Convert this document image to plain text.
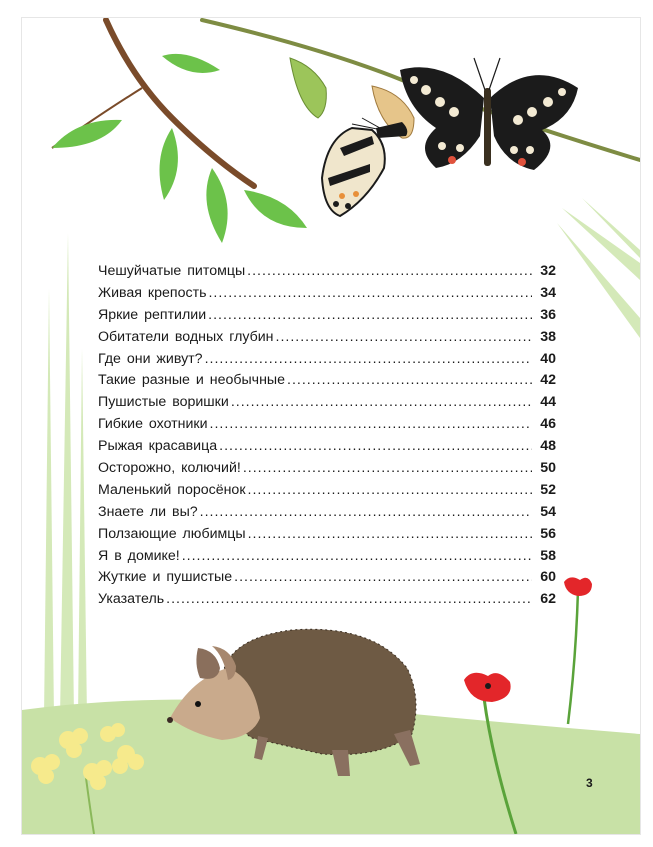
Чешуйчатые питомцы .....	32
Живая крепость .....	34
Яркие рептилии .....	36
Обитатели водных глубин .....	38
Где они живут? .....	40
Такие разные и необычные .....	42
Пушистые воришки .....	44
Гибкие охотники .....	46
Рыжая красавица .....	48
Осторожно, колючий! .....	50
Маленький поросёнок .....	52
Знаете ли вы? .....	54
Ползающие любимцы .....	56
Я в домике! .....	58
Жуткие и пушистые .....	60
Указатель .....	62
3
